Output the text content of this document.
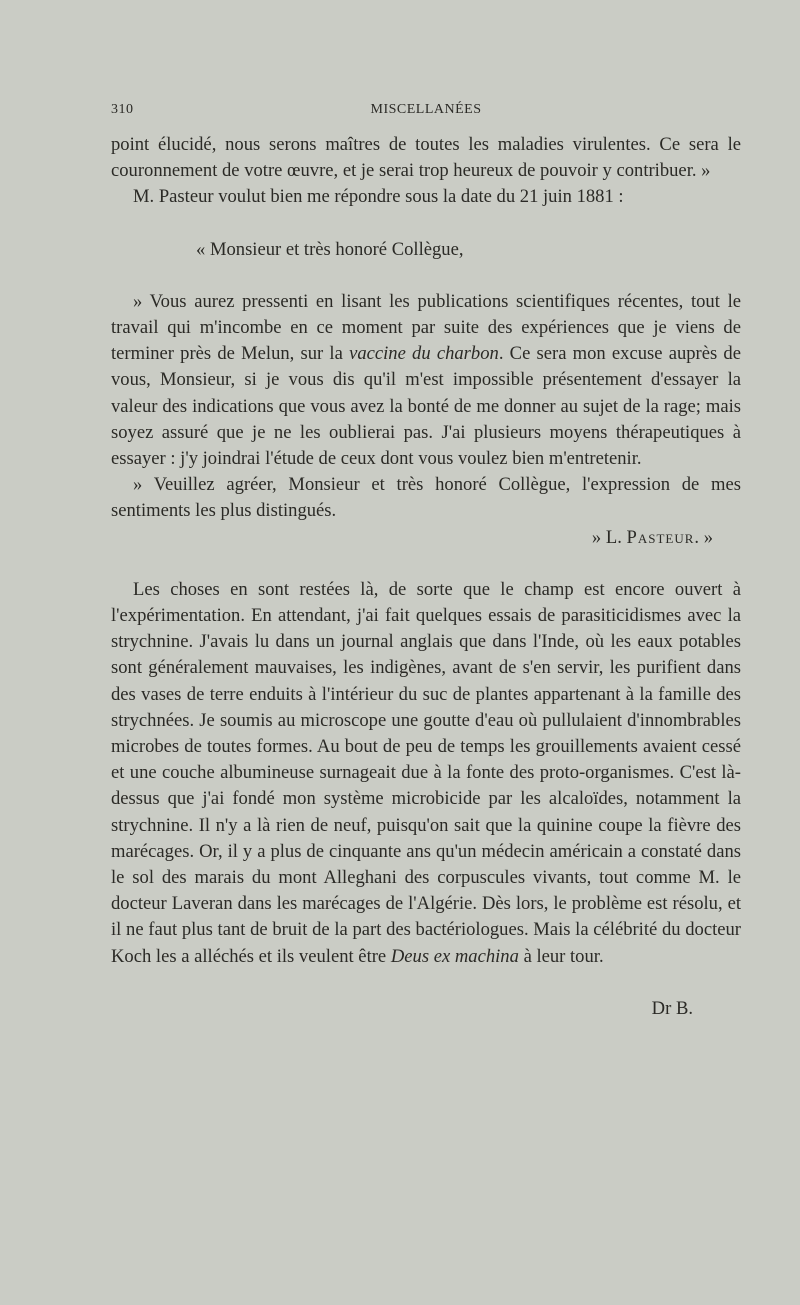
310	MISCELLANÉES

point élucidé, nous serons maîtres de toutes les maladies virulentes. Ce sera le couronnement de votre œuvre, et je serai trop heureux de pouvoir y contribuer. »

M. Pasteur voulut bien me répondre sous la date du 21 juin 1881 :

« Monsieur et très honoré Collègue,

» Vous aurez pressenti en lisant les publications scientifiques récentes, tout le travail qui m'incombe en ce moment par suite des expériences que je viens de terminer près de Melun, sur la vaccine du charbon. Ce sera mon excuse auprès de vous, Monsieur, si je vous dis qu'il m'est impossible présentement d'essayer la valeur des indications que vous avez la bonté de me donner au sujet de la rage; mais soyez assuré que je ne les oublierai pas. J'ai plusieurs moyens thérapeutiques à essayer : j'y joindrai l'étude de ceux dont vous voulez bien m'entretenir.

» Veuillez agréer, Monsieur et très honoré Collègue, l'expression de mes sentiments les plus distingués.

» L. Pasteur. »

Les choses en sont restées là, de sorte que le champ est encore ouvert à l'expérimentation. En attendant, j'ai fait quelques essais de parasiticidismes avec la strychnine. J'avais lu dans un journal anglais que dans l'Inde, où les eaux potables sont généralement mauvaises, les indigènes, avant de s'en servir, les purifient dans des vases de terre enduits à l'intérieur du suc de plantes appartenant à la famille des strychnées. Je soumis au microscope une goutte d'eau où pullulaient d'innombrables microbes de toutes formes. Au bout de peu de temps les grouillements avaient cessé et une couche albumineuse surnageait due à la fonte des proto-organismes. C'est là-dessus que j'ai fondé mon système microbicide par les alcaloïdes, notamment la strychnine. Il n'y a là rien de neuf, puisqu'on sait que la quinine coupe la fièvre des marécages. Or, il y a plus de cinquante ans qu'un médecin américain a constaté dans le sol des marais du mont Alleghani des corpuscules vivants, tout comme M. le docteur Laveran dans les marécages de l'Algérie. Dès lors, le problème est résolu, et il ne faut plus tant de bruit de la part des bactériologues. Mais la célébrité du docteur Koch les a alléchés et ils veulent être Deus ex machina à leur tour.

Dr B.
